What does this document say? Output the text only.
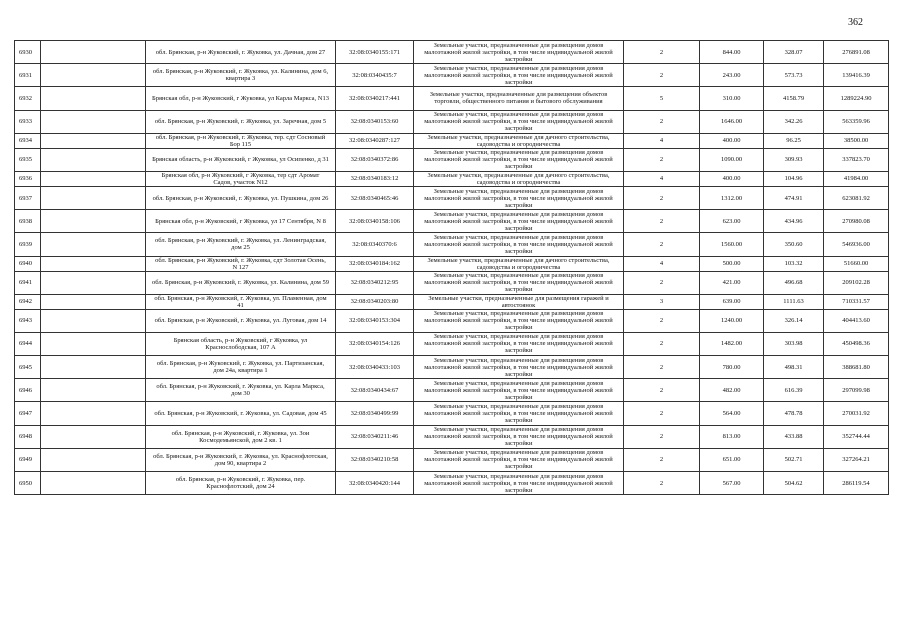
362
6930		обл. Брянская, р-н Жуковский, г. Жуковка, ул. Дачная, дом 27	32:08:0340155:171	Земельные участки, предназначенные для размещения домов малоэтажной жилой застройки, в том числе индивидуальной жилой застройки	2	844.00	328.07	276891.08
6931		обл. Брянская, р-н Жуковский, г. Жуковка, ул. Калинина, дом 6, квартира 3	32:08:0340435:7	Земельные участки, предназначенные для размещения домов малоэтажной жилой застройки, в том числе индивидуальной жилой застройки	2	243.00	573.73	139416.39
6932		Брянская обл, р-н Жуковский, г Жуковка, ул Карла Маркса, N13	32:08:0340217:441	Земельные участки, предназначенные для размещения объектов торговли, общественного питания и бытового обслуживания	5	310.00	4158.79	1289224.90
6933		обл. Брянская, р-н Жуковский, г. Жуковка, ул. Заречная, дом 5	32:08:0340153:60	Земельные участки, предназначенные для размещения домов малоэтажной жилой застройки, в том числе индивидуальной жилой застройки	2	1646.00	342.26	563359.96
6934		обл. Брянская, р-н Жуковский, г. Жуковка, тер. сдт Сосновый Бор 115	32:08:0340287:127	Земельные участки, предназначенные для дачного строительства, садоводства и огородничества	4	400.00	96.25	38500.00
6935		Брянская область, р-н Жуковский, г Жуковка, ул Осипенко, д 31	32:08:0340372:86	Земельные участки, предназначенные для размещения домов малоэтажной жилой застройки, в том числе индивидуальной жилой застройки	2	1090.00	309.93	337823.70
6936		Брянская обл, р-н Жуковский, г Жуковка, тер сдт Аромат Садов, участок N12	32:08:0340183:12	Земельные участки, предназначенные для дачного строительства, садоводства и огородничества	4	400.00	104.96	41984.00
6937		обл. Брянская, р-н Жуковский, г. Жуковка, ул. Пушкина, дом 26	32:08:0340465:46	Земельные участки, предназначенные для размещения домов малоэтажной жилой застройки, в том числе индивидуальной жилой застройки	2	1312.00	474.91	623081.92
6938		Брянская обл, р-н Жуковский, г Жуковка, ул 17 Сентября, N 8	32:08:0340158:106	Земельные участки, предназначенные для размещения домов малоэтажной жилой застройки, в том числе индивидуальной жилой застройки	2	623.00	434.96	270980.08
6939		обл. Брянская, р-н Жуковский, г. Жуковка, ул. Ленинградская, дом 25	32:08:0340370:6	Земельные участки, предназначенные для размещения домов малоэтажной жилой застройки, в том числе индивидуальной жилой застройки	2	1560.00	350.60	546936.00
6940		обл. Брянская, р-н Жуковский, г. Жуковка, сдт Золотая Осень, N 127	32:08:0340184:162	Земельные участки, предназначенные для дачного строительства, садоводства и огородничества	4	500.00	103.32	51660.00
6941		обл. Брянская, р-н Жуковский, г. Жуковка, ул. Калинина, дом 59	32:08:0340212:95	Земельные участки, предназначенные для размещения домов малоэтажной жилой застройки, в том числе индивидуальной жилой застройки	2	421.00	496.68	209102.28
6942		обл. Брянская, р-н Жуковский, г. Жуковка, ул. Пламенная, дом 41	32:08:0340203:80	Земельные участки, предназначенные для размещения гаражей и автостоянок	3	639.00	1111.63	710331.57
6943		обл. Брянская, р-н Жуковский, г. Жуковка, ул. Луговая, дом 14	32:08:0340153:304	Земельные участки, предназначенные для размещения домов малоэтажной жилой застройки, в том числе индивидуальной жилой застройки	2	1240.00	326.14	404413.60
6944		Брянская область, р-н Жуковский, г Жуковка, ул Краснослободская, 107 А	32:08:0340154:126	Земельные участки, предназначенные для размещения домов малоэтажной жилой застройки, в том числе индивидуальной жилой застройки	2	1482.00	303.98	450498.36
6945		обл. Брянская, р-н Жуковский, г. Жуковка, ул. Партизанская, дом 24а, квартира 1	32:08:0340433:103	Земельные участки, предназначенные для размещения домов малоэтажной жилой застройки, в том числе индивидуальной жилой застройки	2	780.00	498.31	388681.80
6946		обл. Брянская, р-н Жуковский, г. Жуковка, ул. Карла Маркса, дом 30	32:08:0340434:67	Земельные участки, предназначенные для размещения домов малоэтажной жилой застройки, в том числе индивидуальной жилой застройки	2	482.00	616.39	297099.98
6947		обл. Брянская, р-н Жуковский, г. Жуковка, ул. Садовая, дом 45	32:08:0340499:99	Земельные участки, предназначенные для размещения домов малоэтажной жилой застройки, в том числе индивидуальной жилой застройки	2	564.00	478.78	270031.92
6948		обл. Брянская, р-н Жуковский, г. Жуковка, ул. Зои Космодемьянской, дом 2 кв. 1	32:08:0340211:46	Земельные участки, предназначенные для размещения домов малоэтажной жилой застройки, в том числе индивидуальной жилой застройки	2	813.00	433.88	352744.44
6949		обл. Брянская, р-н Жуковский, г. Жуковка, ул. Краснофлотская, дом 90, квартира 2	32:08:0340210:58	Земельные участки, предназначенные для размещения домов малоэтажной жилой застройки, в том числе индивидуальной жилой застройки	2	651.00	502.71	327264.21
6950		обл. Брянская, р-н Жуковский, г. Жуковка, пер. Краснофлотский, дом 24	32:08:0340420:144	Земельные участки, предназначенные для размещения домов малоэтажной жилой застройки, в том числе индивидуальной жилой застройки	2	567.00	504.62	286119.54
